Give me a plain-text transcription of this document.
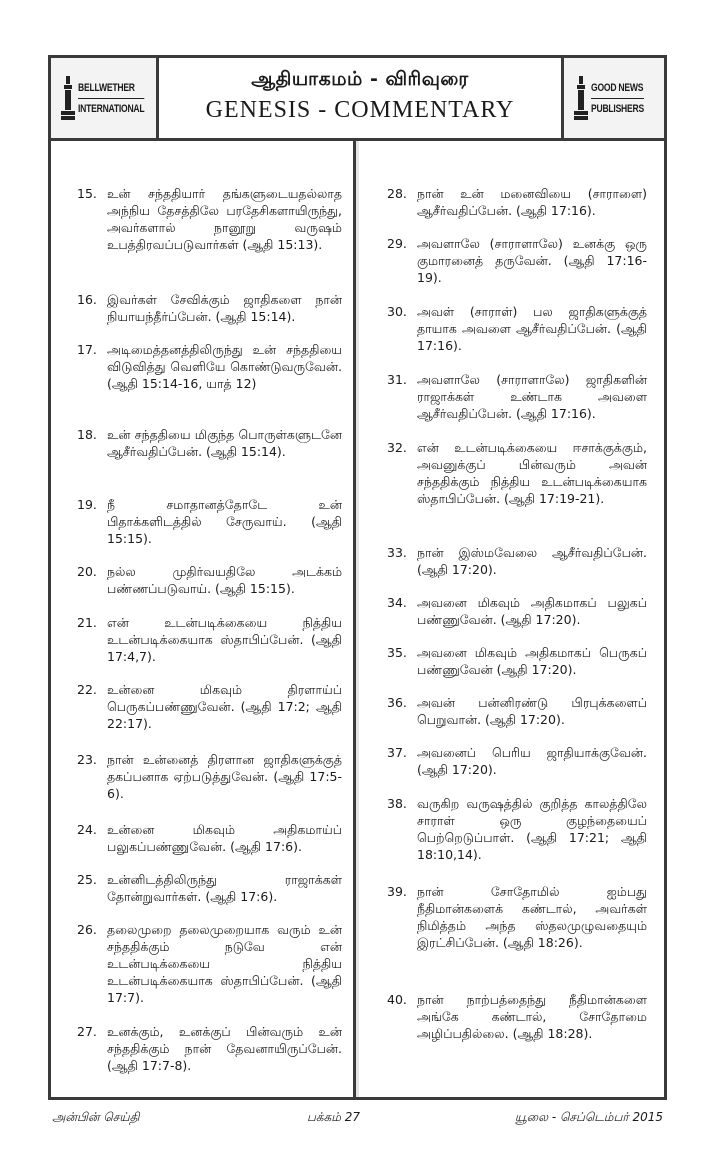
BELLWETHER
INTERNATIONAL
ஆதியாகமம் - விரிவுரை
GENESIS - COMMENTARY
GOOD NEWS
PUBLISHERS
15. உன் சந்ததியார் தங்களுடையதல்லாத அந்நிய தேசத்திலே பரதேசிகளாயிருந்து, அவர்களால் நானூறு வருஷம் உபத்திரவப்படுவார்கள் (ஆதி 15:13).
16. இவர்கள் சேவிக்கும் ஜாதிகளை நான் நியாயந்தீர்ப்பேன். (ஆதி 15:14).
17. அடிமைத்தனத்திலிருந்து உன் சந்ததியை விடுவித்து வெளியே கொண்டுவருவேன். (ஆதி 15:14-16, யாத் 12)
18. உன் சந்ததியை மிகுந்த பொருள்களுடனே ஆசீர்வதிப்பேன். (ஆதி 15:14).
19. நீ சமாதானத்தோடே உன் பிதாக்களிடத்தில் சேருவாய். (ஆதி 15:15).
20. நல்ல முதிர்வயதிலே அடக்கம் பண்ணப்படுவாய். (ஆதி 15:15).
21. என் உடன்படிக்கையை நித்திய உடன்படிக்கையாக ஸ்தாபிப்பேன். (ஆதி 17:4,7).
22. உன்னை மிகவும் திரளாய்ப் பெருகப்பண்ணுவேன். (ஆதி 17:2; ஆதி 22:17).
23. நான் உன்னைத் திரளான ஜாதிகளுக்குத் தகப்பனாக ஏற்படுத்துவேன். (ஆதி 17:5-6).
24. உன்னை மிகவும் அதிகமாய்ப் பலுகப்பண்ணுவேன். (ஆதி 17:6).
25. உன்னிடத்திலிருந்து ராஜாக்கள் தோன்றுவார்கள். (ஆதி 17:6).
26. தலைமுறை தலைமுறையாக வரும் உன் சந்ததிக்கும் நடுவே என் உடன்படிக்கையை நித்திய உடன்படிக்கையாக ஸ்தாபிப்பேன். (ஆதி 17:7).
27. உனக்கும், உனக்குப் பின்வரும் உன் சந்ததிக்கும் நான் தேவனாயிருப்பேன். (ஆதி 17:7-8).
28. நான் உன் மனைவியை (சாராளை) ஆசீர்வதிப்பேன். (ஆதி 17:16).
29. அவளாலே (சாராளாலே) உனக்கு ஒரு குமாரனைத் தருவேன். (ஆதி 17:16-19).
30. அவள் (சாராள்) பல ஜாதிகளுக்குத் தாயாக அவளை ஆசீர்வதிப்பேன். (ஆதி 17:16).
31. அவளாலே (சாராளாலே) ஜாதிகளின் ராஜாக்கள் உண்டாக அவளை ஆசீர்வதிப்பேன். (ஆதி 17:16).
32. என் உடன்படிக்கையை ஈசாக்குக்கும், அவனுக்குப் பின்வரும் அவன் சந்ததிக்கும் நித்திய உடன்படிக்கையாக ஸ்தாபிப்பேன். (ஆதி 17:19-21).
33. நான் இஸ்மவேலை ஆசீர்வதிப்பேன். (ஆதி 17:20).
34. அவனை மிகவும் அதிகமாகப் பலுகப் பண்ணுவேன். (ஆதி 17:20).
35. அவனை மிகவும் அதிகமாகப் பெருகப் பண்ணுவேன் (ஆதி 17:20).
36. அவன் பன்னிரண்டு பிரபுக்களைப் பெறுவான். (ஆதி 17:20).
37. அவனைப் பெரிய ஜாதியாக்குவேன். (ஆதி 17:20).
38. வருகிற வருஷத்தில் குறித்த காலத்திலே சாராள் ஒரு குழந்தையைப் பெற்றெடுப்பாள். (ஆதி 17:21; ஆதி 18:10,14).
39. நான் சோதோமில் ஐம்பது நீதிமான்களைக் கண்டால், அவர்கள் நிமித்தம் அந்த ஸ்தலமுழுவதையும் இரட்சிப்பேன். (ஆதி 18:26).
40. நான் நாற்பத்தைந்து நீதிமான்களை அங்கே கண்டால், சோதோமை அழிப்பதில்லை. (ஆதி 18:28).
அன்பின் செய்தி	பக்கம் 27	யூலை - செப்டெம்பர் 2015
